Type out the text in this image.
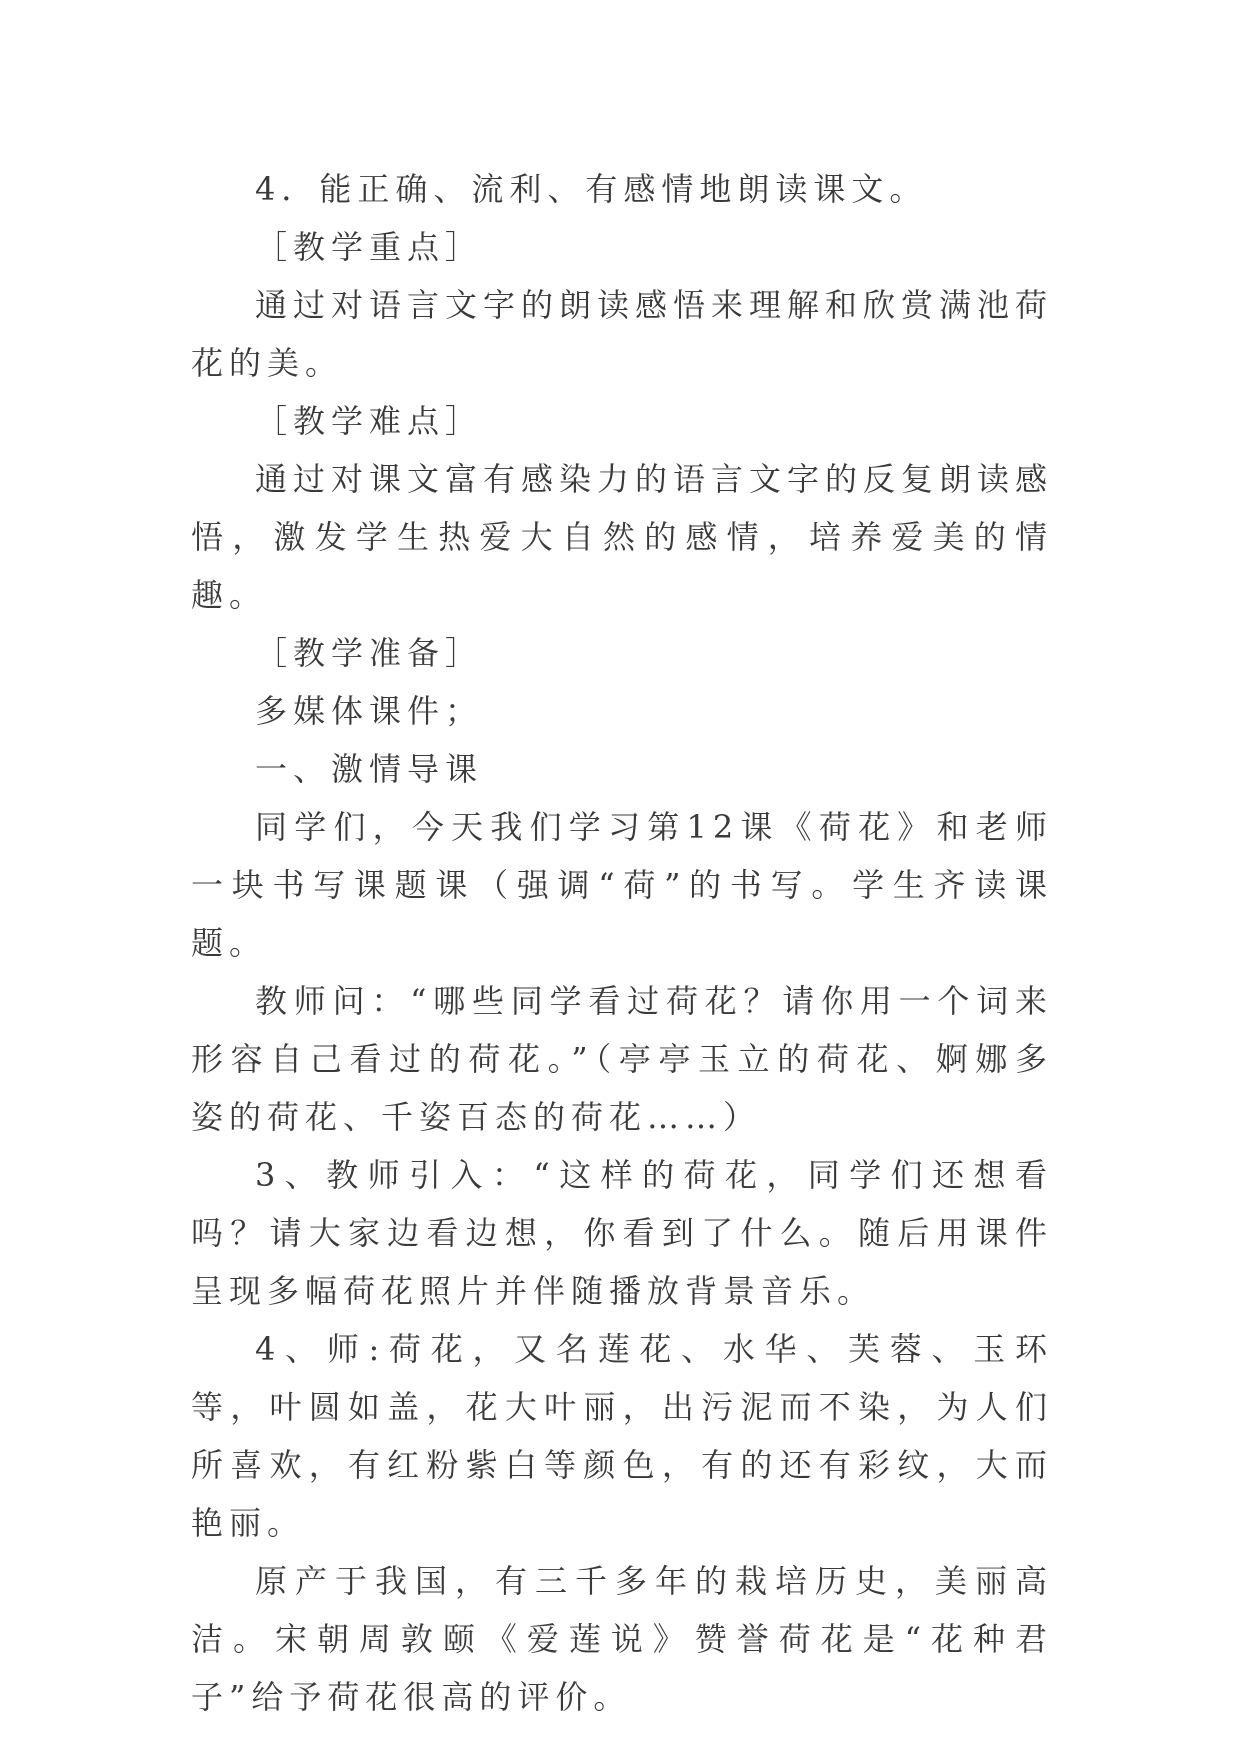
4．能正确、流利、有感情地朗读课文。

［教学重点］

通过对语言文字的朗读感悟来理解和欣赏满池荷花的美。

［教学难点］

通过对课文富有感染力的语言文字的反复朗读感悟，激发学生热爱大自然的感情，培养爱美的情趣。

［教学准备］

多媒体课件；

一、激情导课

同学们，今天我们学习第12课《荷花》和老师一块书写课题课（强调“荷”的书写。学生齐读课题。

教师问：“哪些同学看过荷花？请你用一个词来形容自己看过的荷花。”（亭亭玉立的荷花、婀娜多姿的荷花、千姿百态的荷花……）

3、教师引入：“这样的荷花，同学们还想看吗？请大家边看边想，你看到了什么。随后用课件呈现多幅荷花照片并伴随播放背景音乐。

4、师:荷花，又名莲花、水华、芙蓉、玉环等，叶圆如盖，花大叶丽，出污泥而不染，为人们所喜欢，有红粉紫白等颜色，有的还有彩纹，大而艳丽。

原产于我国，有三千多年的栽培历史，美丽高洁。宋朝周敦颐《爱莲说》赞誉荷花是“花种君子”给予荷花很高的评价。
